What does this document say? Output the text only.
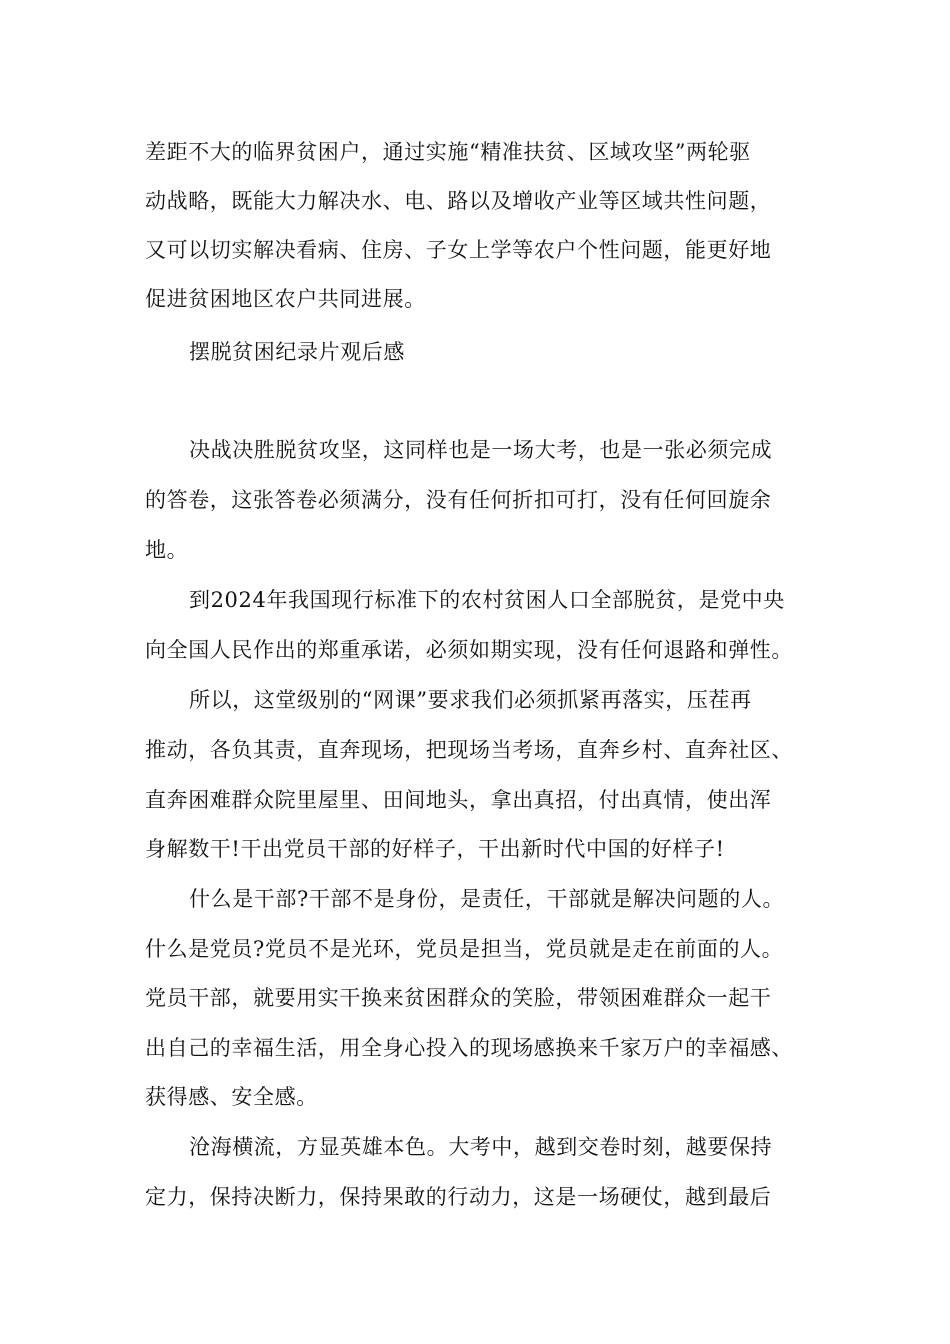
差距不大的临界贫困户，通过实施“精准扶贫、区域攻坚”两轮驱
动战略，既能大力解决水、电、路以及增收产业等区域共性问题，
又可以切实解决看病、住房、子女上学等农户个性问题，能更好地
促进贫困地区农户共同进展。
摆脱贫困纪录片观后感
决战决胜脱贫攻坚，这同样也是一场大考，也是一张必须完成
的答卷，这张答卷必须满分，没有任何折扣可打，没有任何回旋余
地。
到2024年我国现行标准下的农村贫困人口全部脱贫，是党中央
向全国人民作出的郑重承诺，必须如期实现，没有任何退路和弹性。
所以，这堂级别的“网课”要求我们必须抓紧再落实，压茬再
推动，各负其责，直奔现场，把现场当考场，直奔乡村、直奔社区、
直奔困难群众院里屋里、田间地头，拿出真招，付出真情，使出浑
身解数干!干出党员干部的好样子，干出新时代中国的好样子!
什么是干部?干部不是身份，是责任，干部就是解决问题的人。
什么是党员?党员不是光环，党员是担当，党员就是走在前面的人。
党员干部，就要用实干换来贫困群众的笑脸，带领困难群众一起干
出自己的幸福生活，用全身心投入的现场感换来千家万户的幸福感、
获得感、安全感。
沧海横流，方显英雄本色。大考中，越到交卷时刻，越要保持
定力，保持决断力，保持果敢的行动力，这是一场硬仗，越到最后
